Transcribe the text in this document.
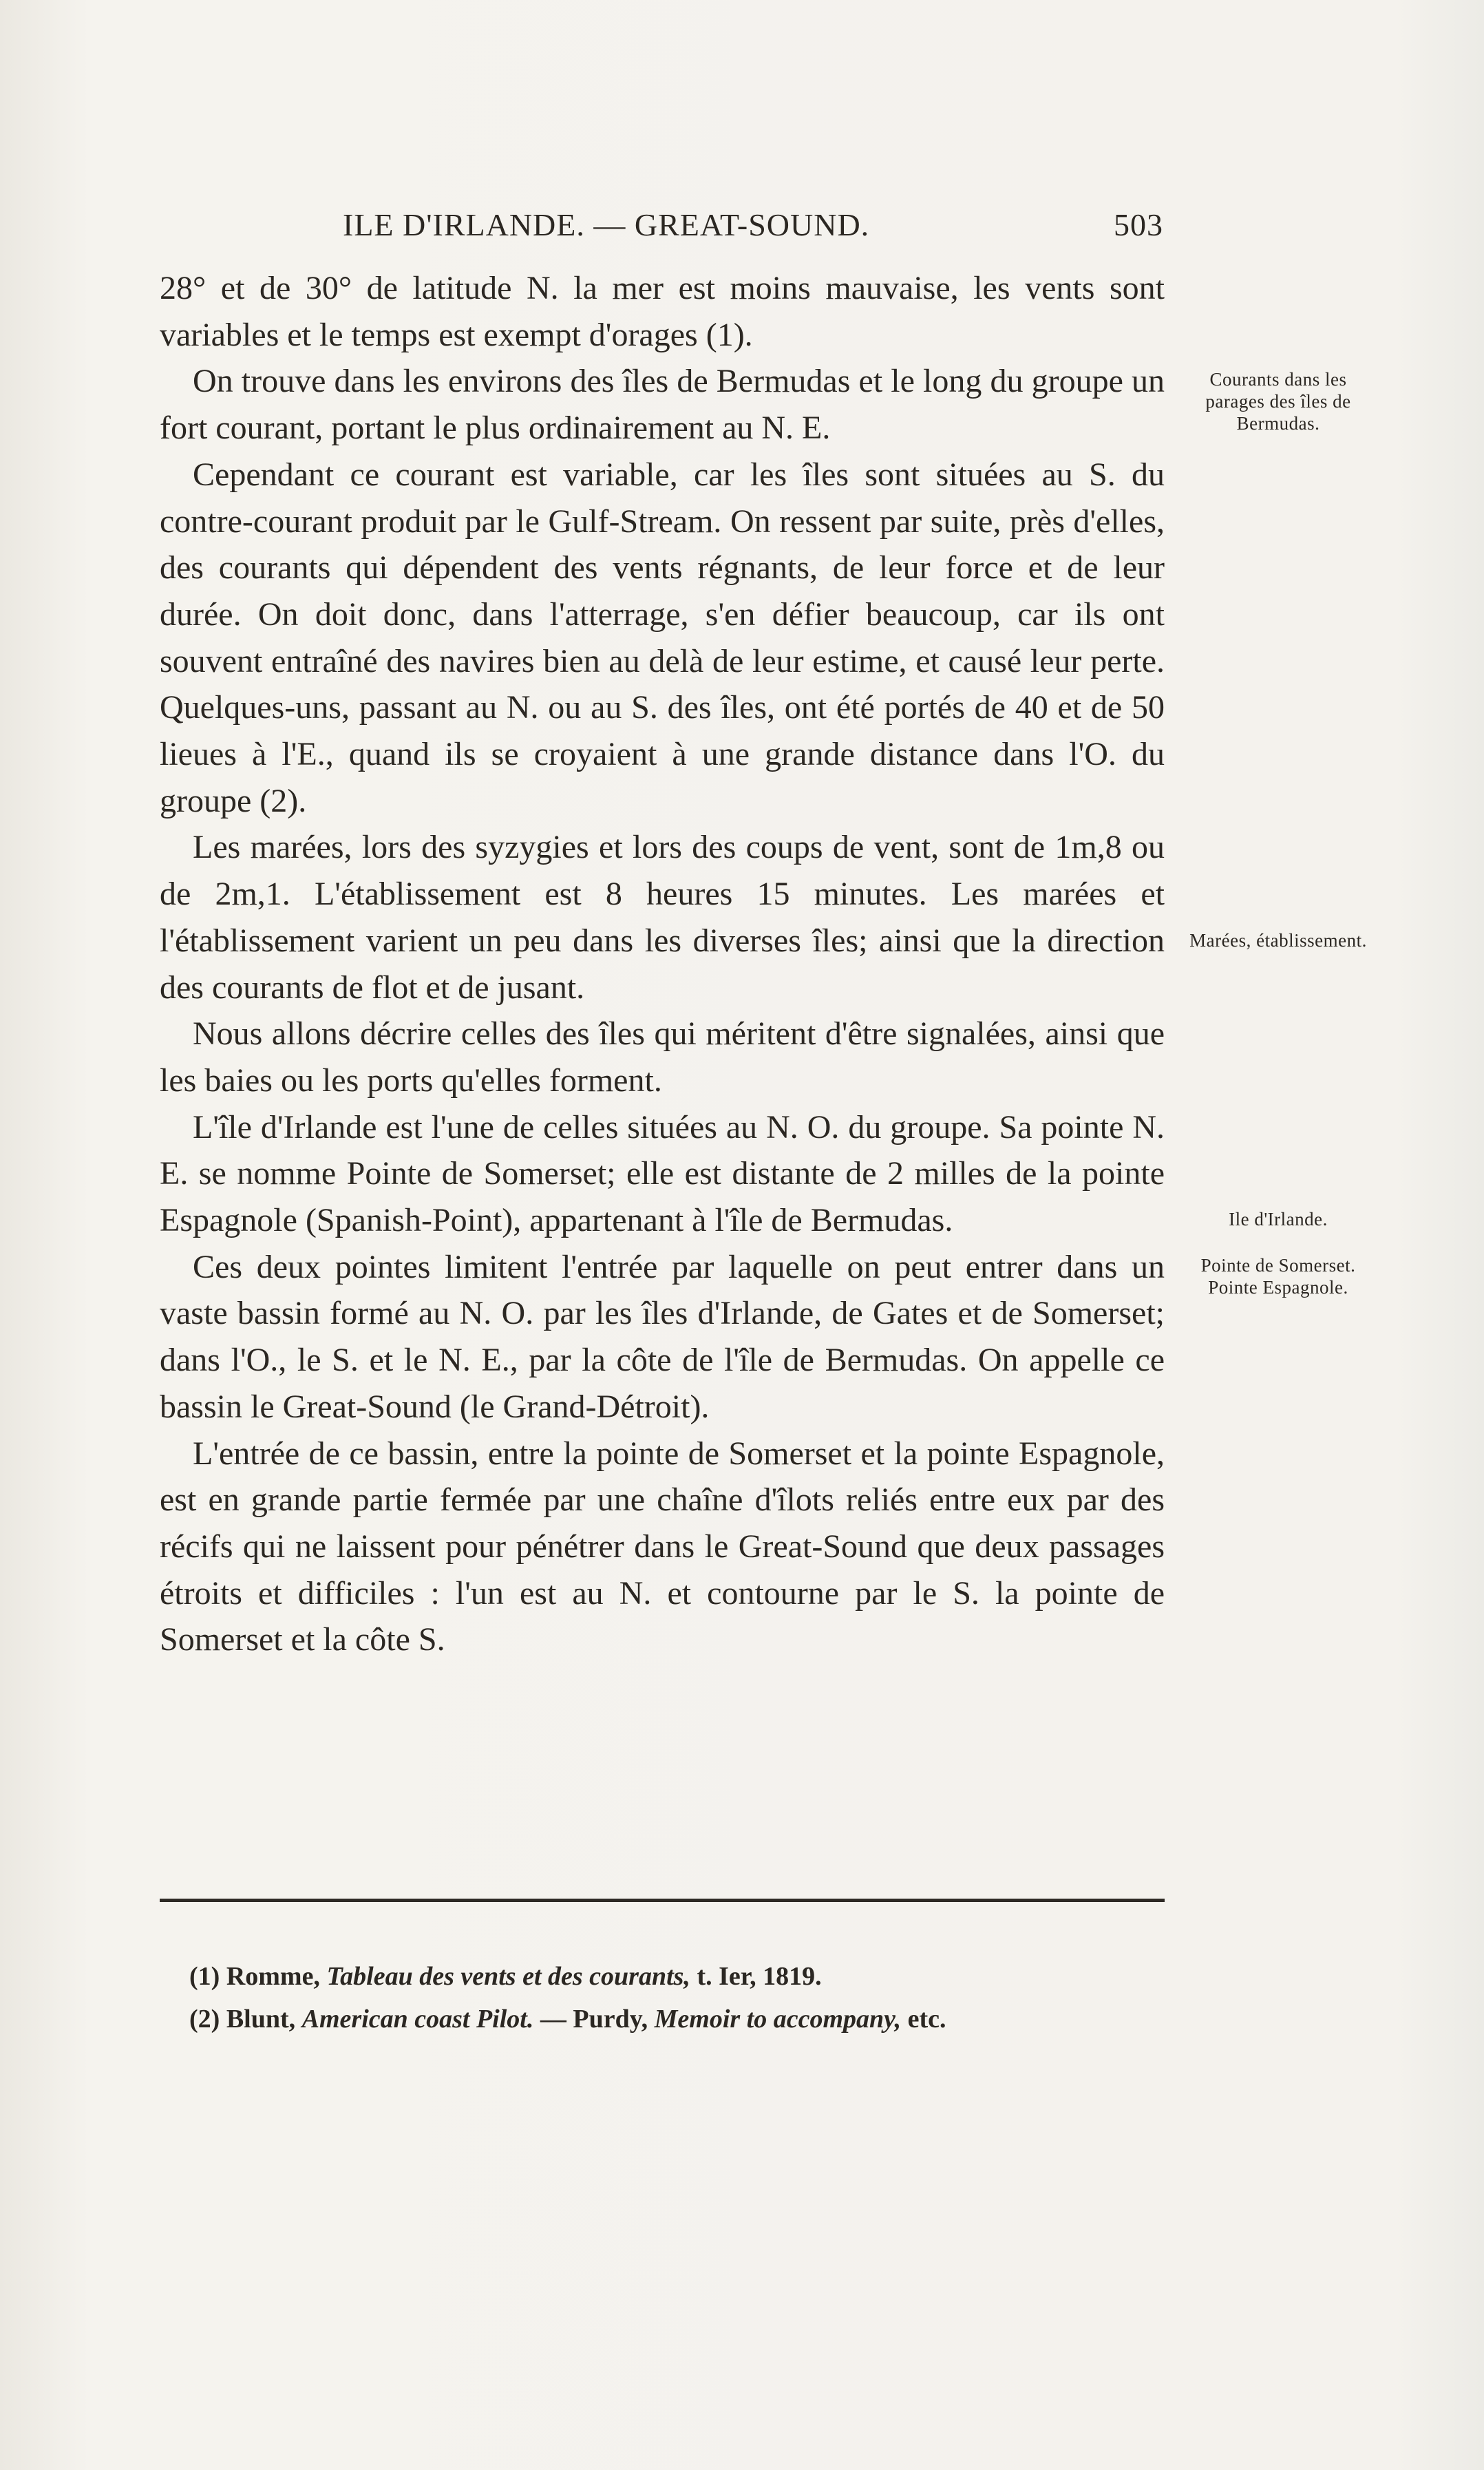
ILE D'IRLANDE. — GREAT-SOUND.	503

28° et de 30° de latitude N. la mer est moins mauvaise, les vents sont variables et le temps est exempt d'orages (1).

On trouve dans les environs des îles de Bermudas et le long du groupe un fort courant, portant le plus ordinairement au N. E.

Cependant ce courant est variable, car les îles sont situées au S. du contre-courant produit par le Gulf-Stream. On ressent par suite, près d'elles, des courants qui dépendent des vents régnants, de leur force et de leur durée. On doit donc, dans l'atterrage, s'en défier beaucoup, car ils ont souvent entraîné des navires bien au delà de leur estime, et causé leur perte. Quelques-uns, passant au N. ou au S. des îles, ont été portés de 40 et de 50 lieues à l'E., quand ils se croyaient à une grande distance dans l'O. du groupe (2).

Les marées, lors des syzygies et lors des coups de vent, sont de 1m,8 ou de 2m,1. L'établissement est 8 heures 15 minutes. Les marées et l'établissement varient un peu dans les diverses îles; ainsi que la direction des courants de flot et de jusant.

Nous allons décrire celles des îles qui méritent d'être signalées, ainsi que les baies ou les ports qu'elles forment.

L'île d'Irlande est l'une de celles situées au N. O. du groupe. Sa pointe N. E. se nomme Pointe de Somerset; elle est distante de 2 milles de la pointe Espagnole (Spanish-Point), appartenant à l'île de Bermudas.

Ces deux pointes limitent l'entrée par laquelle on peut entrer dans un vaste bassin formé au N. O. par les îles d'Irlande, de Gates et de Somerset; dans l'O., le S. et le N. E., par la côte de l'île de Bermudas. On appelle ce bassin le Great-Sound (le Grand-Détroit).

L'entrée de ce bassin, entre la pointe de Somerset et la pointe Espagnole, est en grande partie fermée par une chaîne d'îlots reliés entre eux par des récifs qui ne laissent pour pénétrer dans le Great-Sound que deux passages étroits et difficiles : l'un est au N. et contourne par le S. la pointe de Somerset et la côte S.

Courants dans les parages des îles de Bermudas.
Marées, établissement.
Ile d'Irlande.
Pointe de Somerset. Pointe Espagnole.

(1) Romme, Tableau des vents et des courants, t. Ier, 1819.

(2) Blunt, American coast Pilot. — Purdy, Memoir to accompany, etc.
